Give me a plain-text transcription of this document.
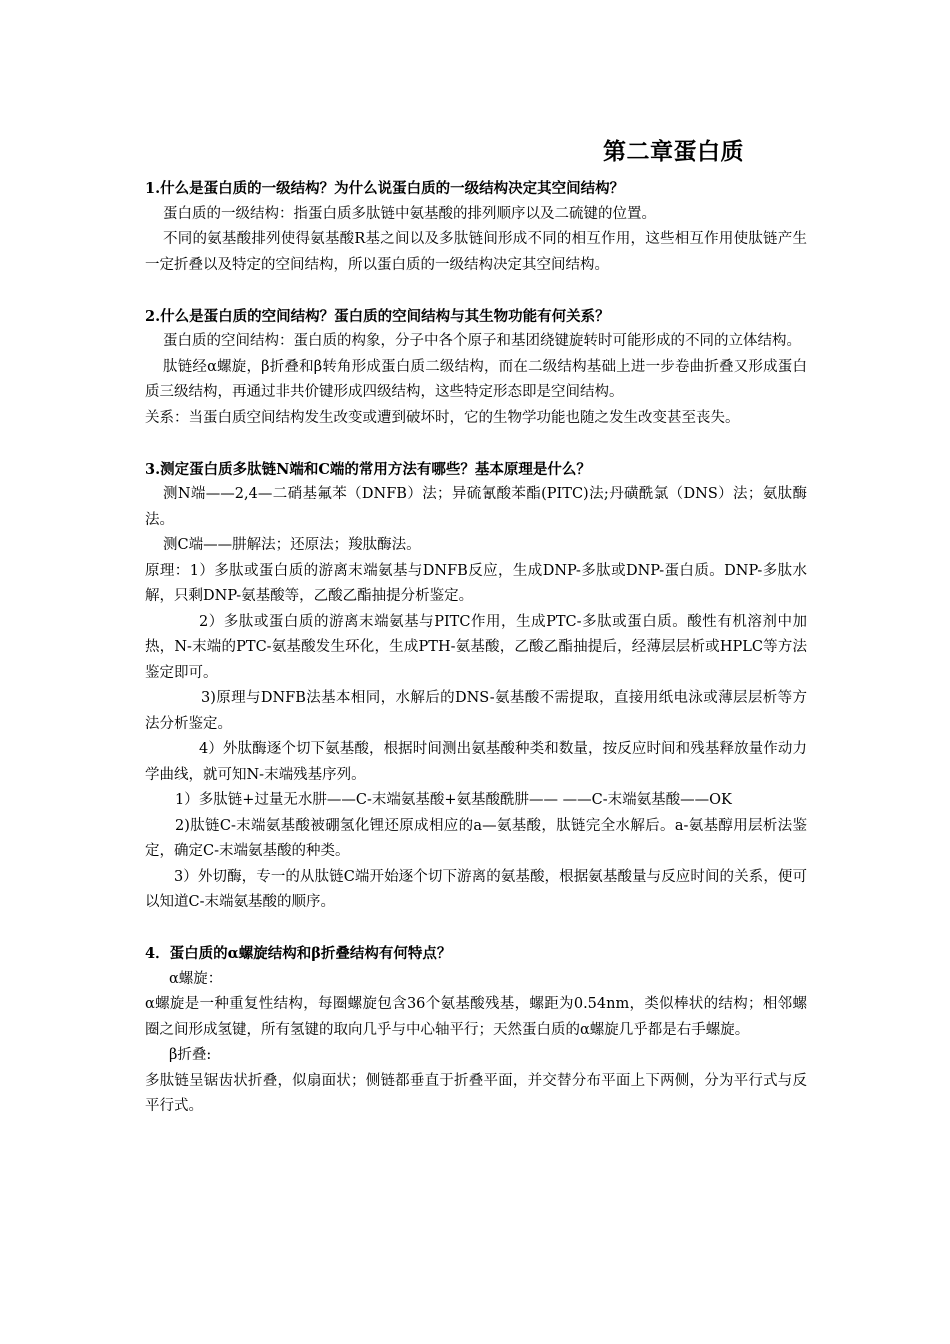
第二章蛋白质

1.什么是蛋白质的一级结构？为什么说蛋白质的一级结构决定其空间结构？

蛋白质的一级结构：指蛋白质多肽链中氨基酸的排列顺序以及二硫键的位置。

不同的氨基酸排列使得氨基酸R基之间以及多肽链间形成不同的相互作用，这些相互作用使肽链产生一定折叠以及特定的空间结构，所以蛋白质的一级结构决定其空间结构。

2.什么是蛋白质的空间结构？蛋白质的空间结构与其生物功能有何关系？

蛋白质的空间结构：蛋白质的构象，分子中各个原子和基团绕键旋转时可能形成的不同的立体结构。

肽链经α螺旋，β折叠和β转角形成蛋白质二级结构，而在二级结构基础上进一步卷曲折叠又形成蛋白质三级结构，再通过非共价键形成四级结构，这些特定形态即是空间结构。

关系：当蛋白质空间结构发生改变或遭到破坏时，它的生物学功能也随之发生改变甚至丧失。

3.测定蛋白质多肽链N端和C端的常用方法有哪些？基本原理是什么？

测N端——2,4—二硝基氟苯（DNFB）法；异硫氰酸苯酯(PITC)法;丹磺酰氯（DNS）法；氨肽酶法。

测C端——肼解法；还原法；羧肽酶法。

原理：1）多肽或蛋白质的游离末端氨基与DNFB反应，生成DNP-多肽或DNP-蛋白质。DNP-多肽水解，只剩DNP-氨基酸等，乙酸乙酯抽提分析鉴定。

2）多肽或蛋白质的游离末端氨基与PITC作用，生成PTC-多肽或蛋白质。酸性有机溶剂中加热，N-末端的PTC-氨基酸发生环化，生成PTH-氨基酸，乙酸乙酯抽提后，经薄层层析或HPLC等方法鉴定即可。

3)原理与DNFB法基本相同，水解后的DNS-氨基酸不需提取，直接用纸电泳或薄层层析等方法分析鉴定。

4）外肽酶逐个切下氨基酸，根据时间测出氨基酸种类和数量，按反应时间和残基释放量作动力学曲线，就可知N-末端残基序列。

1）多肽链+过量无水肼——C-末端氨基酸+氨基酸酰肼—— ——C-末端氨基酸——OK

2)肽链C-末端氨基酸被硼氢化锂还原成相应的a—氨基酸，肽链完全水解后。a-氨基醇用层析法鉴定，确定C-末端氨基酸的种类。

3）外切酶，专一的从肽链C端开始逐个切下游离的氨基酸，根据氨基酸量与反应时间的关系，便可以知道C-末端氨基酸的顺序。

4．蛋白质的α螺旋结构和β折叠结构有何特点？

α螺旋：

α螺旋是一种重复性结构，每圈螺旋包含36个氨基酸残基，螺距为0.54nm，类似棒状的结构；相邻螺圈之间形成氢键，所有氢键的取向几乎与中心轴平行；天然蛋白质的α螺旋几乎都是右手螺旋。

β折叠:

多肽链呈锯齿状折叠，似扇面状；侧链都垂直于折叠平面，并交替分布平面上下两侧，分为平行式与反平行式。
